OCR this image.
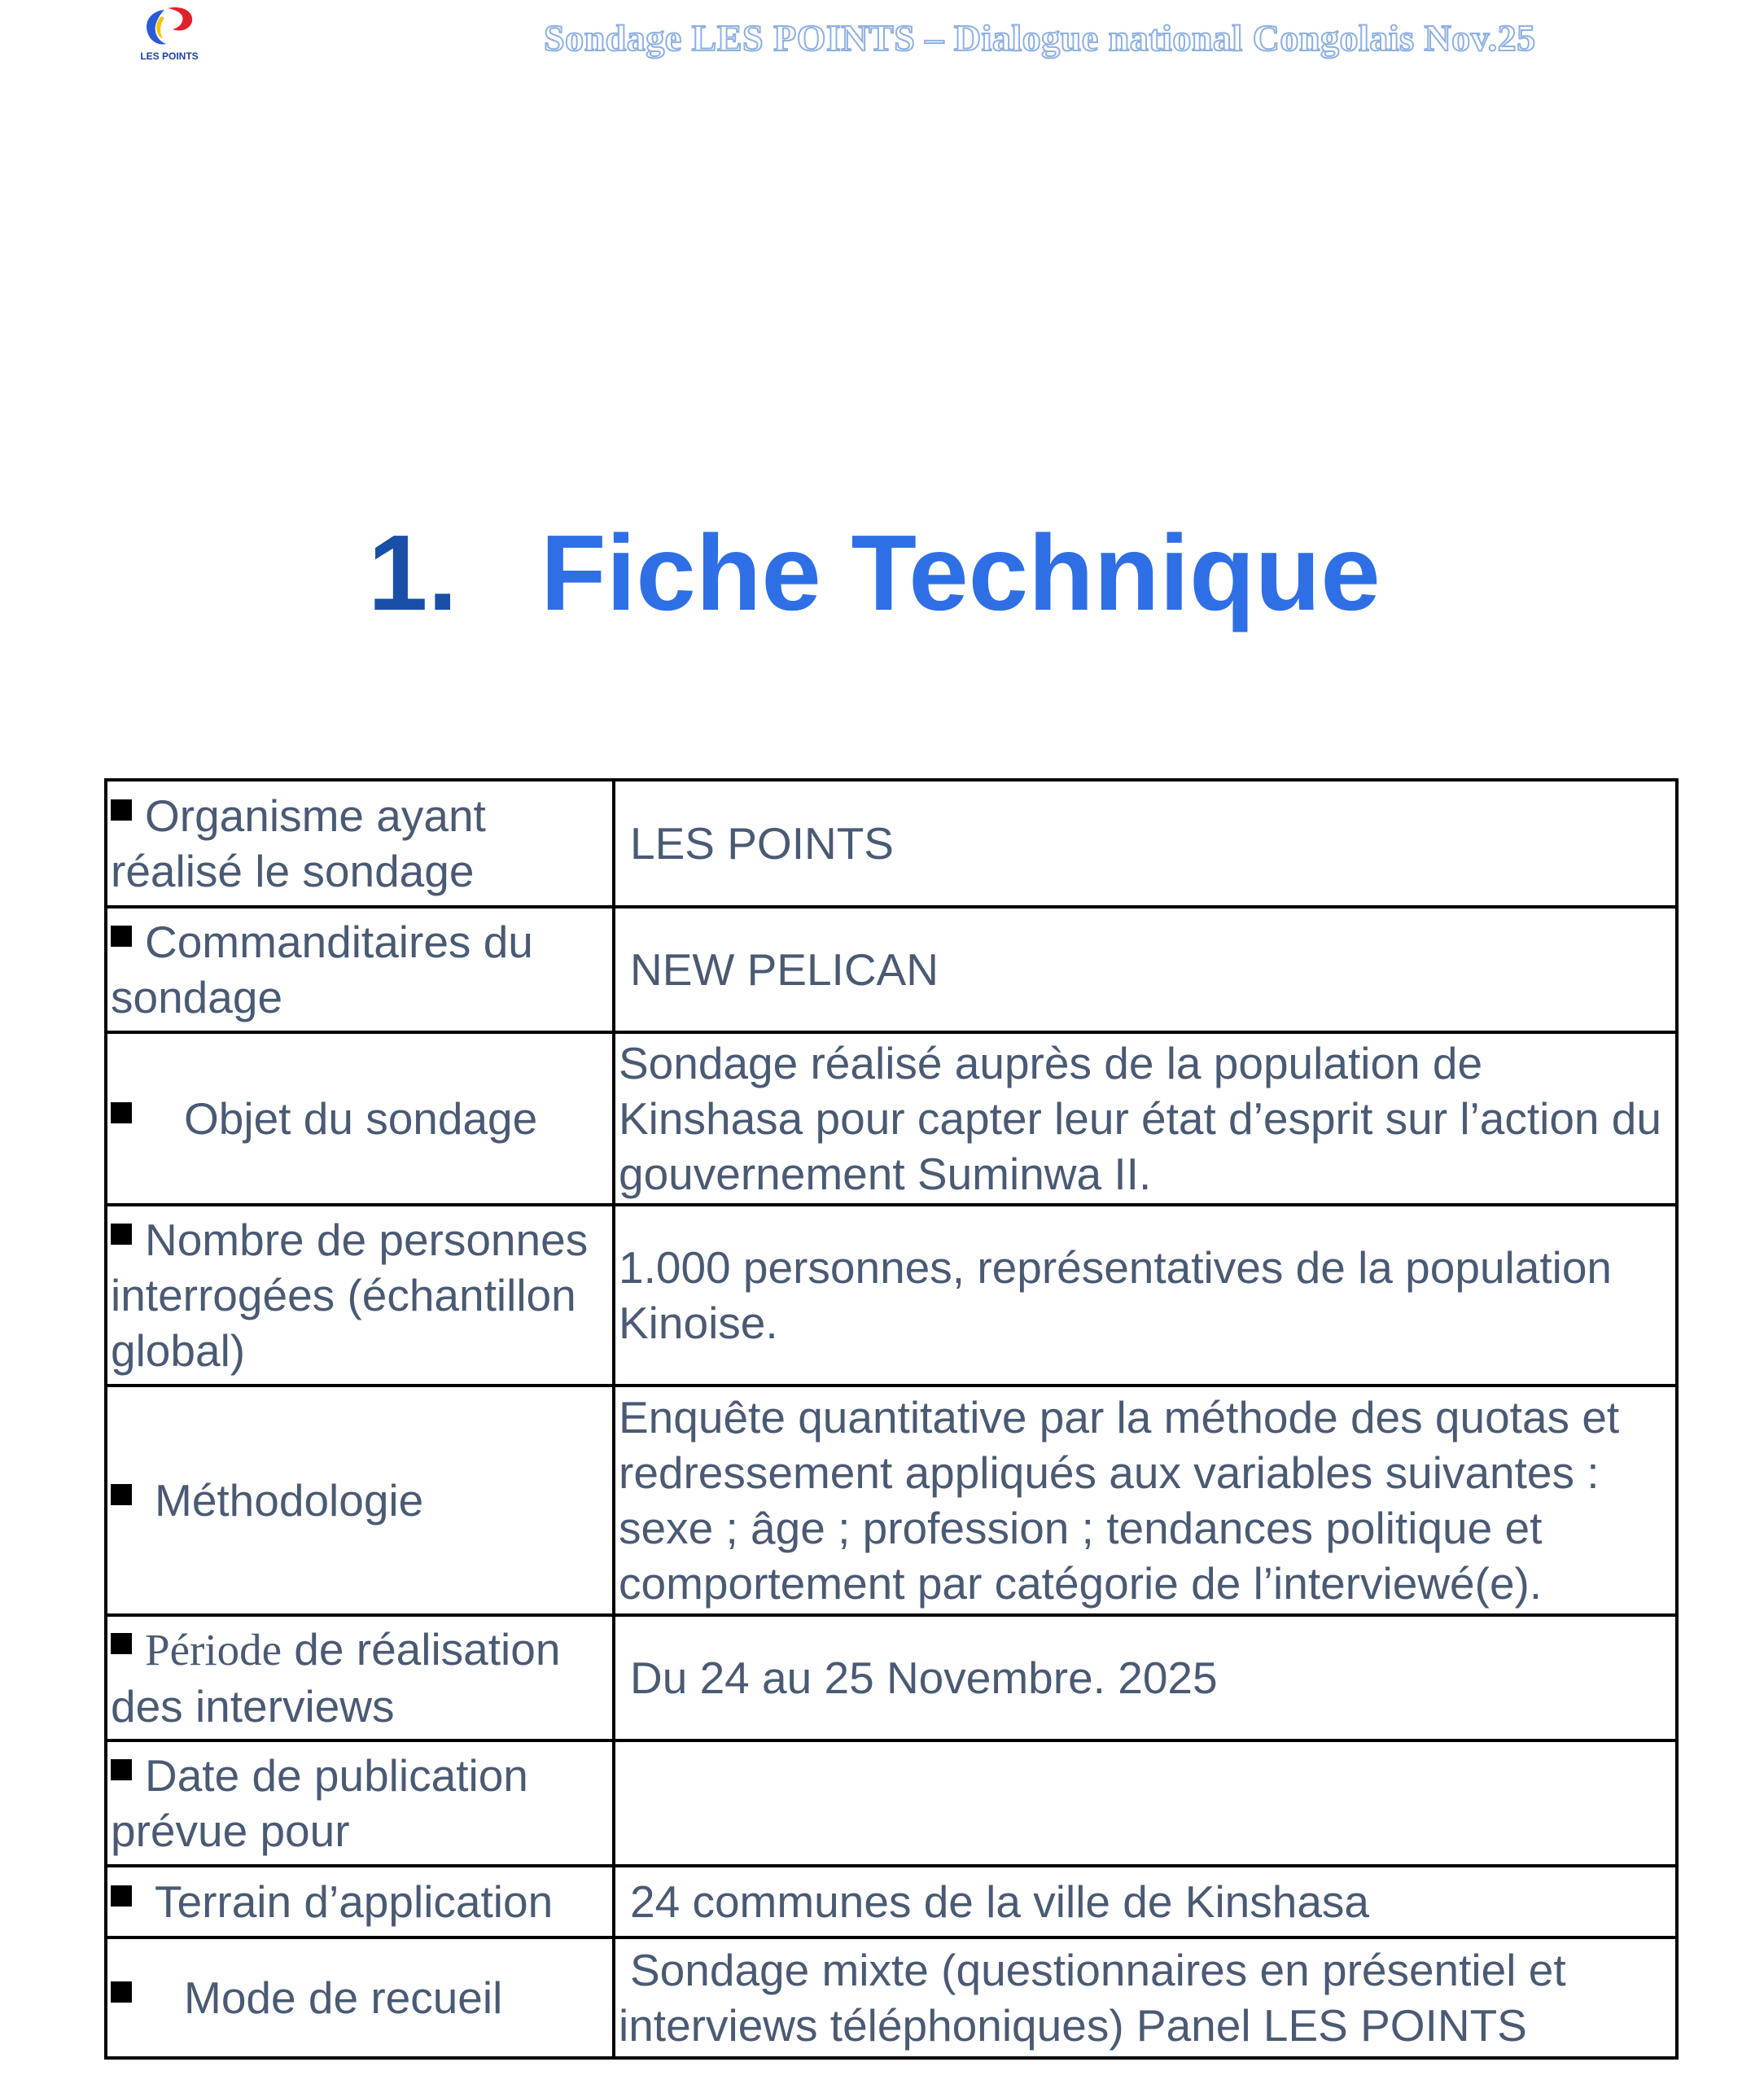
LES POINTS	Sondage LES POINTS – Dialogue national Congolais Nov.25
1. Fiche Technique
Organisme ayant réalisé le sondage	LES POINTS
Commanditaires du sondage	NEW PELICAN
Objet du sondage	Sondage réalisé auprès de la population de Kinshasa pour capter leur état d’esprit sur l’action du gouvernement Suminwa II.
Nombre de personnes interrogées (échantillon global)	1.000 personnes, représentatives de la population Kinoise.
Méthodologie	Enquête quantitative par la méthode des quotas et redressement appliqués aux variables suivantes : sexe ; âge ; profession ; tendances politique et comportement par catégorie de l’interviewé(e).
Période de réalisation des interviews	Du 24 au 25 Novembre. 2025
Date de publication prévue pour	
Terrain d’application	24 communes de la ville de Kinshasa
Mode de recueil	Sondage mixte (questionnaires en présentiel et interviews téléphoniques) Panel LES POINTS
